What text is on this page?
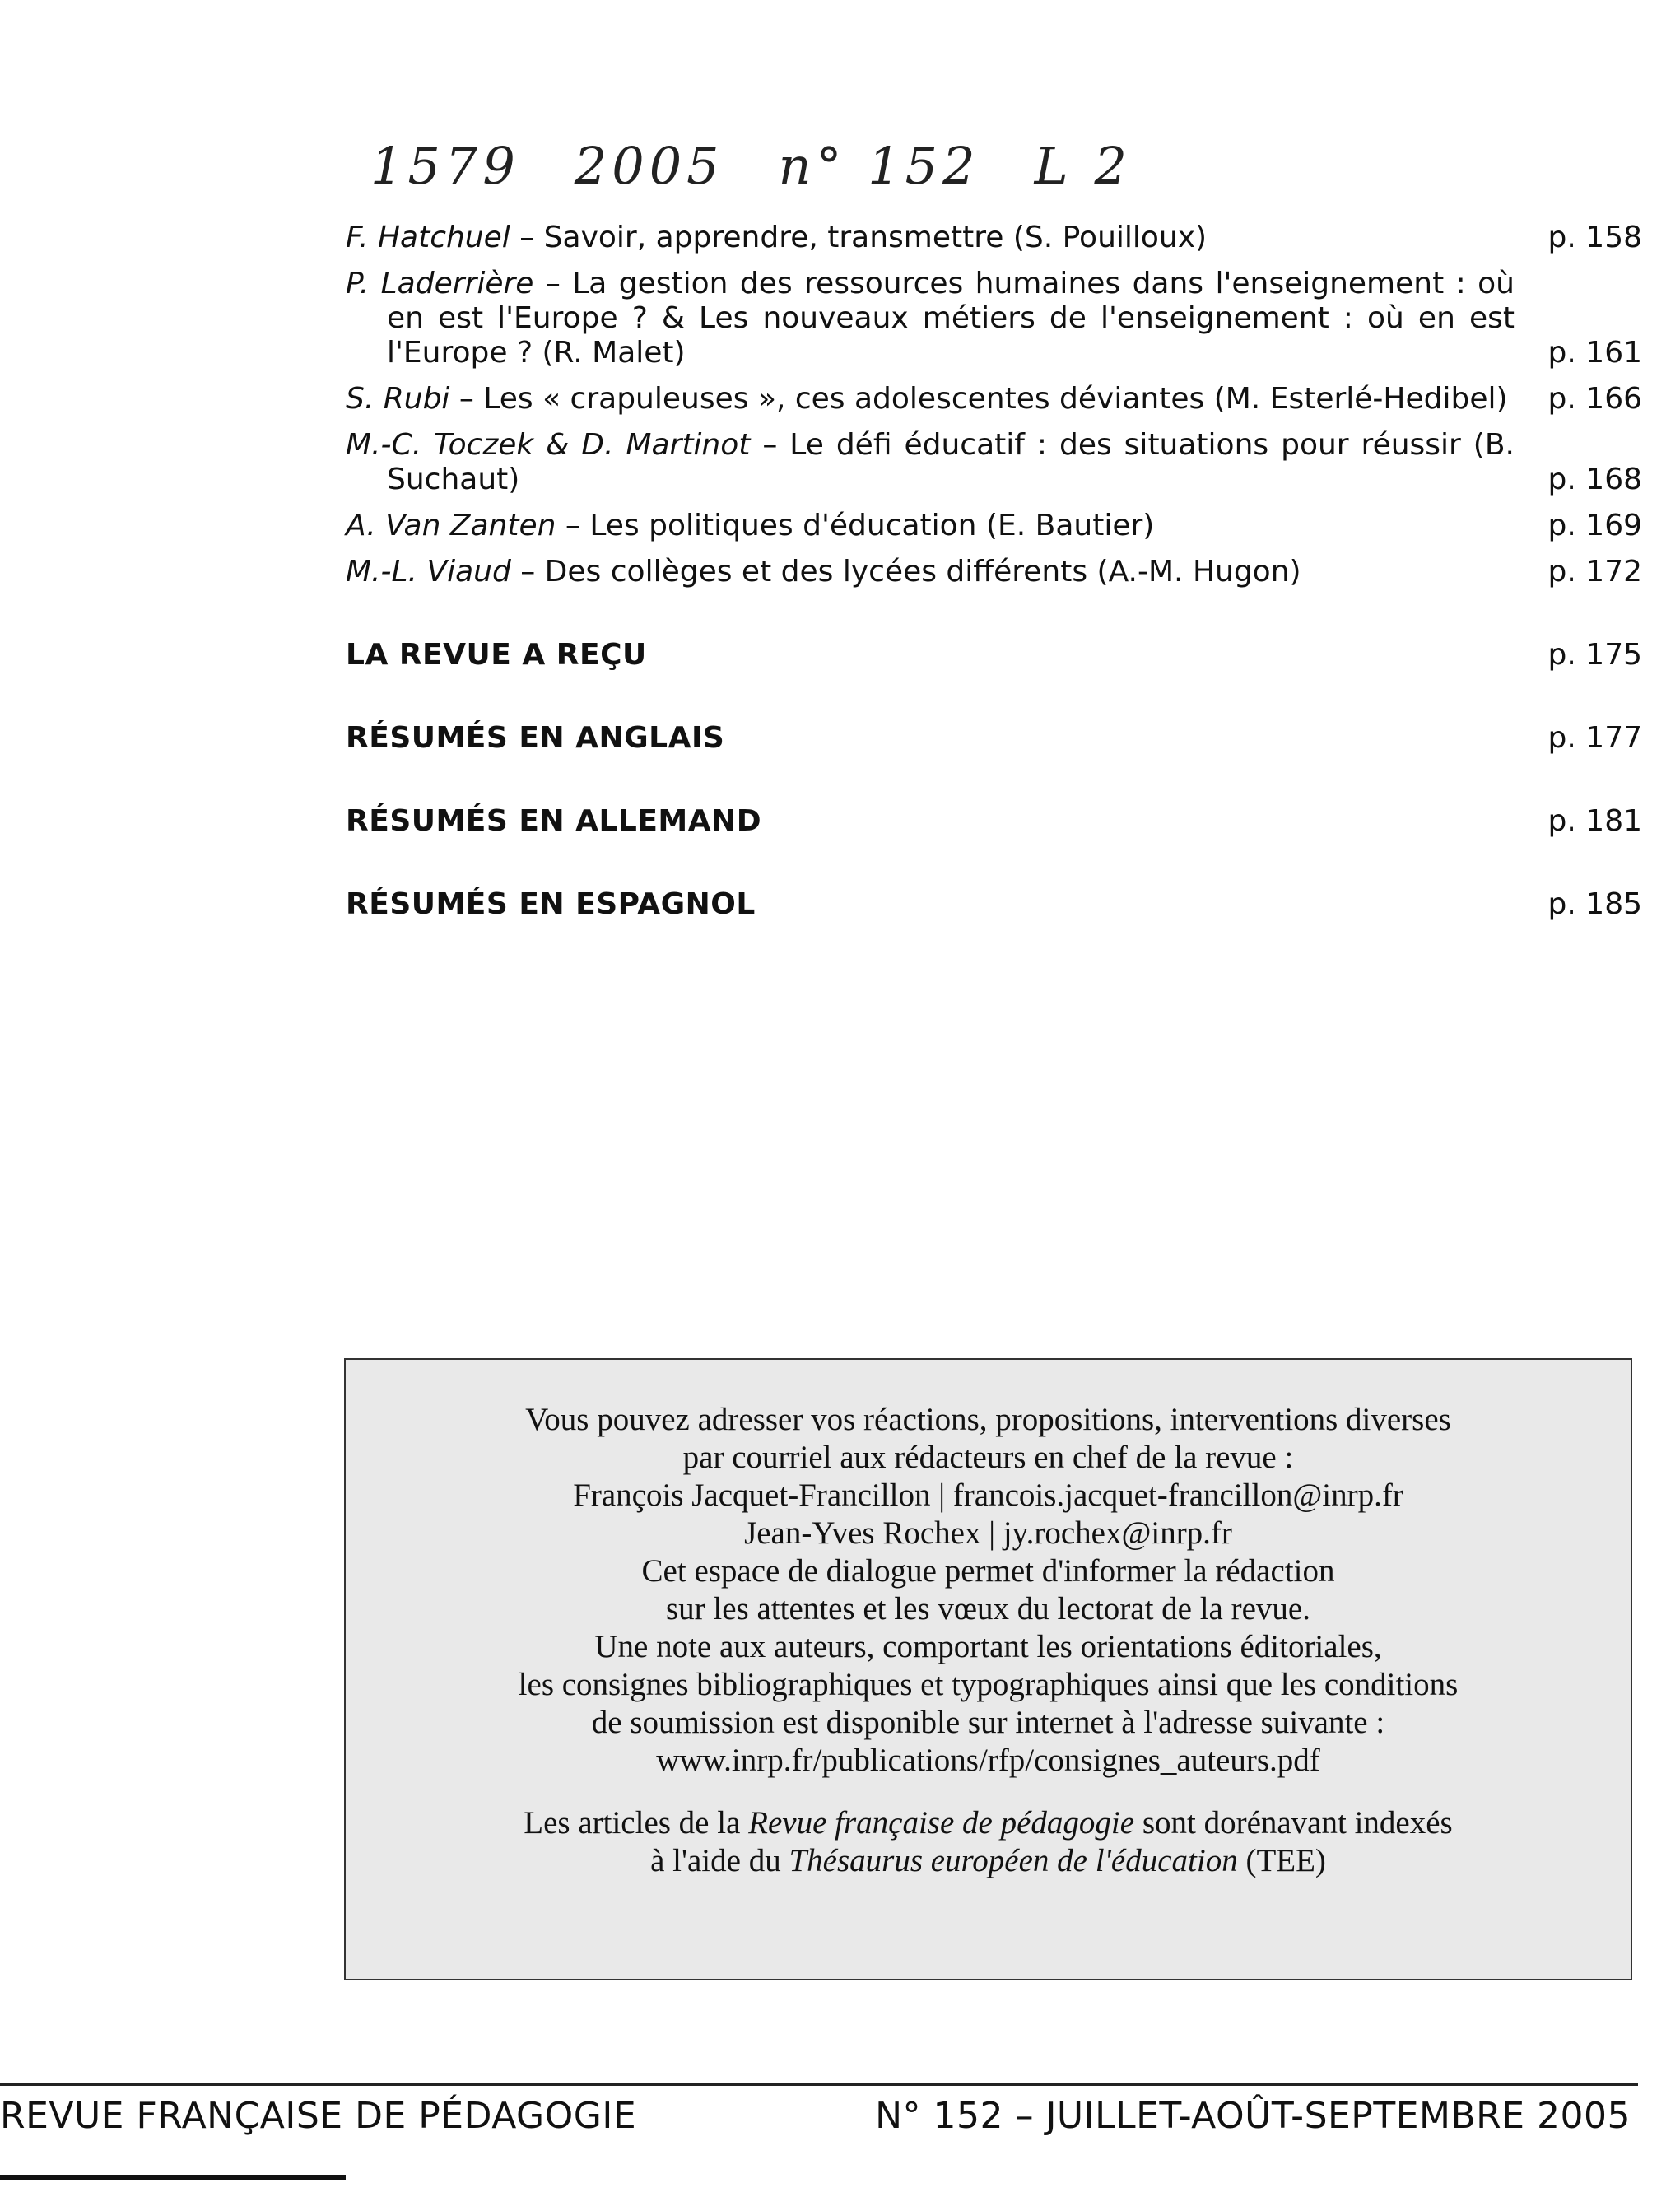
1579 2005 n° 152 L 2
F. Hatchuel – Savoir, apprendre, transmettre (S. Pouilloux)	p. 158
P. Laderrière – La gestion des ressources humaines dans l'enseignement : où en est l'Europe ? & Les nouveaux métiers de l'enseignement : où en est l'Europe ? (R. Malet)	p. 161
S. Rubi – Les « crapuleuses », ces adolescentes déviantes (M. Esterlé-Hedibel) p. 166
M.-C. Toczek & D. Martinot – Le défi éducatif : des situations pour réussir (B. Suchaut)	p. 168
A. Van Zanten – Les politiques d'éducation (E. Bautier)	p. 169
M.-L. Viaud – Des collèges et des lycées différents (A.-M. Hugon)	p. 172
LA REVUE A REÇU	p. 175
RÉSUMÉS EN ANGLAIS	p. 177
RÉSUMÉS EN ALLEMAND	p. 181
RÉSUMÉS EN ESPAGNOL	p. 185
Vous pouvez adresser vos réactions, propositions, interventions diverses
par courriel aux rédacteurs en chef de la revue :
François Jacquet-Francillon | francois.jacquet-francillon@inrp.fr
Jean-Yves Rochex | jy.rochex@inrp.fr
Cet espace de dialogue permet d'informer la rédaction
sur les attentes et les vœux du lectorat de la revue.
Une note aux auteurs, comportant les orientations éditoriales,
les consignes bibliographiques et typographiques ainsi que les conditions
de soumission est disponible sur internet à l'adresse suivante :
www.inrp.fr/publications/rfp/consignes_auteurs.pdf
Les articles de la Revue française de pédagogie sont dorénavant indexés
à l'aide du Thésaurus européen de l'éducation (TEE)
REVUE FRANÇAISE DE PÉDAGOGIE	N° 152 – JUILLET-AOÛT-SEPTEMBRE 2005
